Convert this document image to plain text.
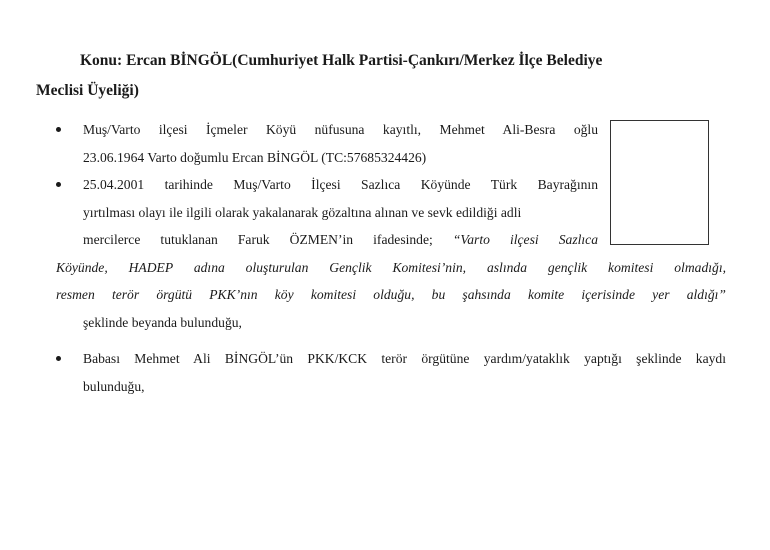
Konu: Ercan BİNGÖL(Cumhuriyet Halk Partisi-Çankırı/Merkez İlçe Belediye
Meclisi Üyeliği)
Muş/Varto ilçesi İçmeler Köyü nüfusuna kayıtlı, Mehmet Ali-Besra oğlu
23.06.1964 Varto doğumlu Ercan BİNGÖL (TC:57685324426)
25.04.2001 tarihinde Muş/Varto İlçesi Sazlıca Köyünde Türk Bayrağının
yırtılması olayı ile ilgili olarak yakalanarak gözaltına alınan ve sevk edildiği adli
mercilerce tutuklanan Faruk ÖZMEN’in ifadesinde; “Varto ilçesi Sazlıca
Köyünde, HADEP adına oluşturulan Gençlik Komitesi’nin, aslında gençlik komitesi olmadığı,
resmen terör örgütü PKK’nın köy komitesi olduğu, bu şahsında komite içerisinde yer aldığı”
şeklinde beyanda bulunduğu,
Babası Mehmet Ali BİNGÖL’ün PKK/KCK terör örgütüne yardım/yataklık yaptığı şeklinde kaydı
bulunduğu,
